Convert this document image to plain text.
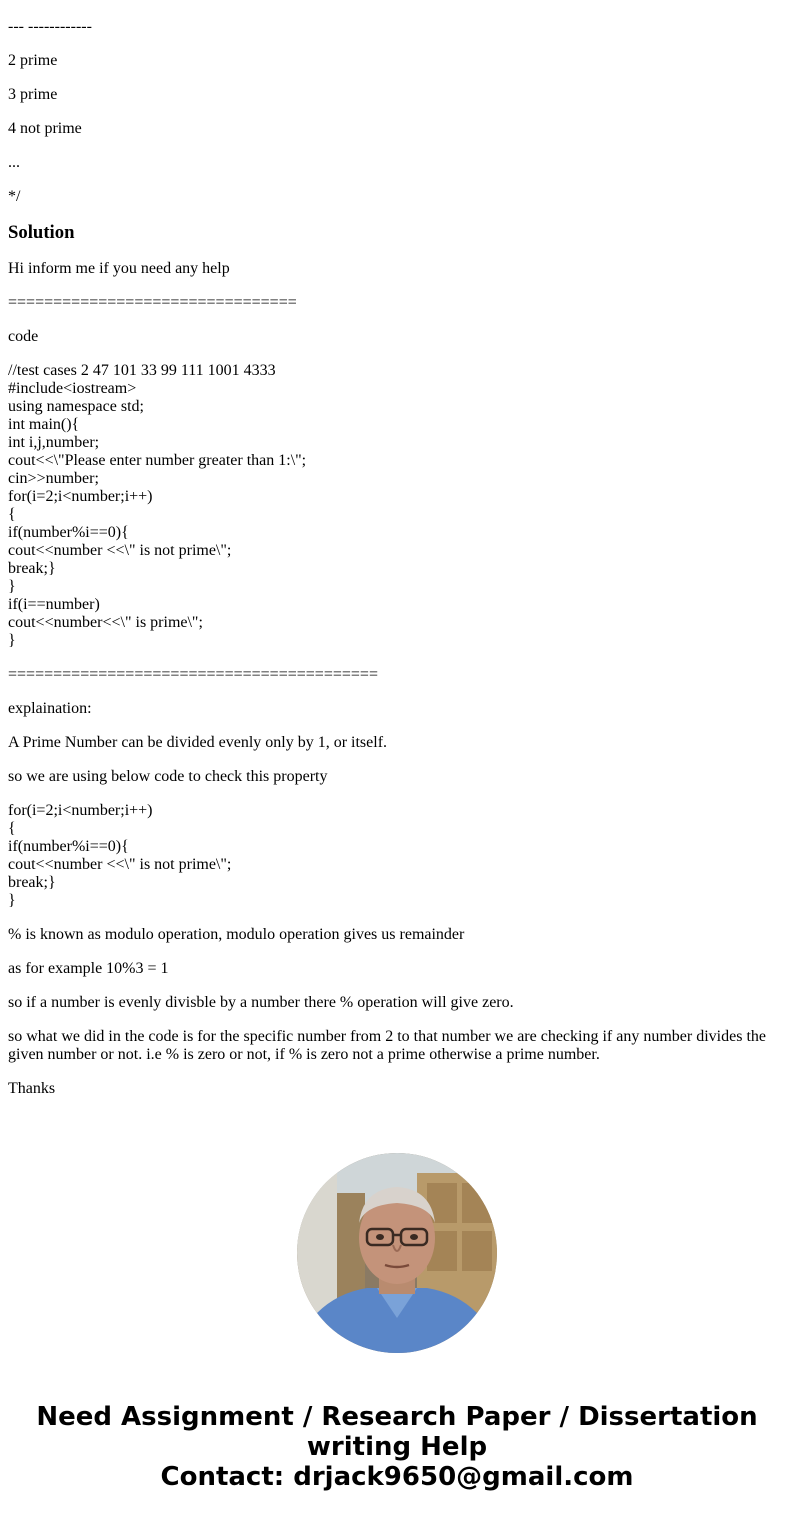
--- ------------
2 prime
3 prime
4 not prime
...
*/
Solution
Hi inform me if you need any help
================================
code
//test cases 2 47 101 33 99 111 1001 4333
#include<iostream>
using namespace std;
int main(){
int i,j,number;
cout<<\"Please enter number greater than 1:\";
cin>>number;
for(i=2;i<number;i++)
{
if(number%i==0){
cout<<number <<\" is not prime\";
break;}
}
if(i==number)
cout<<number<<\" is prime\";
}
=========================================
explaination:
A Prime Number can be divided evenly only by 1, or itself.
so we are using below code to check this property
for(i=2;i<number;i++)
{
if(number%i==0){
cout<<number <<\" is not prime\";
break;}
}
% is known as modulo operation, modulo operation gives us remainder
as for example 10%3 = 1
so if a number is evenly divisble by a number there % operation will give zero.
so what we did in the code is for the specific number from 2 to that number we are checking if any number divides the given number or not. i.e % is zero or not, if % is zero not a prime otherwise a prime number.
Thanks
Need Assignment / Research Paper / Dissertation
writing Help
Contact: drjack9650@gmail.com
